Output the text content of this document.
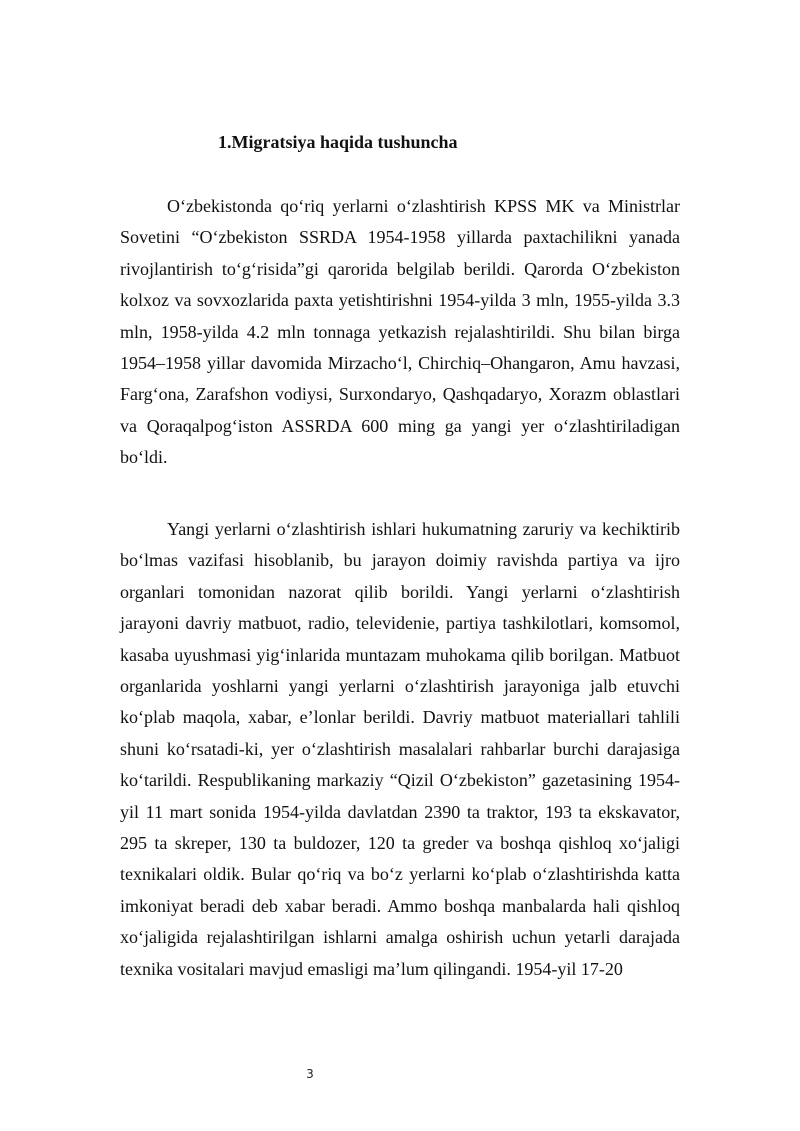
1.Migratsiya haqida tushuncha

O‘zbekistonda qo‘riq yerlarni o‘zlashtirish KPSS MK va Ministrlar Sovetini “O‘zbekiston SSRDA 1954-1958 yillarda paxtachilikni yanada rivojlantirish to‘g‘risida”gi qarorida belgilab berildi. Qarorda O‘zbekiston kolxoz va sovxozlarida paxta yetishtirishni 1954-yilda 3 mln, 1955-yilda 3.3 mln, 1958-yilda 4.2 mln tonnaga yetkazish rejalashtirildi. Shu bilan birga 1954–1958 yillar davomida Mirzacho‘l, Chirchiq–Ohangaron, Amu havzasi, Farg‘ona, Zarafshon vodiysi, Surxondaryo, Qashqadaryo, Xorazm oblastlari va Qoraqalpog‘iston ASSRDA 600 ming ga yangi yer o‘zlashtiriladigan bo‘ldi.

Yangi yerlarni o‘zlashtirish ishlari hukumatning zaruriy va kechiktirib bo‘lmas vazifasi hisoblanib, bu jarayon doimiy ravishda partiya va ijro organlari tomonidan nazorat qilib borildi. Yangi yerlarni o‘zlashtirish jarayoni davriy matbuot, radio, televidenie, partiya tashkilotlari, komsomol, kasaba uyushmasi yig‘inlarida muntazam muhokama qilib borilgan. Matbuot organlarida yoshlarni yangi yerlarni o‘zlashtirish jarayoniga jalb etuvchi ko‘plab maqola, xabar, e’lonlar berildi. Davriy matbuot materiallari tahlili shuni ko‘rsatadi-ki, yer o‘zlashtirish masalalari rahbarlar burchi darajasiga ko‘tarildi. Respublikaning markaziy “Qizil O‘zbekiston” gazetasining 1954-yil 11 mart sonida 1954-yilda davlatdan 2390 ta traktor, 193 ta ekskavator, 295 ta skreper, 130 ta buldozer, 120 ta greder va boshqa qishloq xo‘jaligi texnikalari oldik. Bular qo‘riq va bo‘z yerlarni ko‘plab o‘zlashtirishda katta imkoniyat beradi deb xabar beradi. Ammo boshqa manbalarda hali qishloq xo‘jaligida rejalashtirilgan ishlarni amalga oshirish uchun yetarli darajada texnika vositalari mavjud emasligi ma’lum qilingandi. 1954-yil 17-20

3
